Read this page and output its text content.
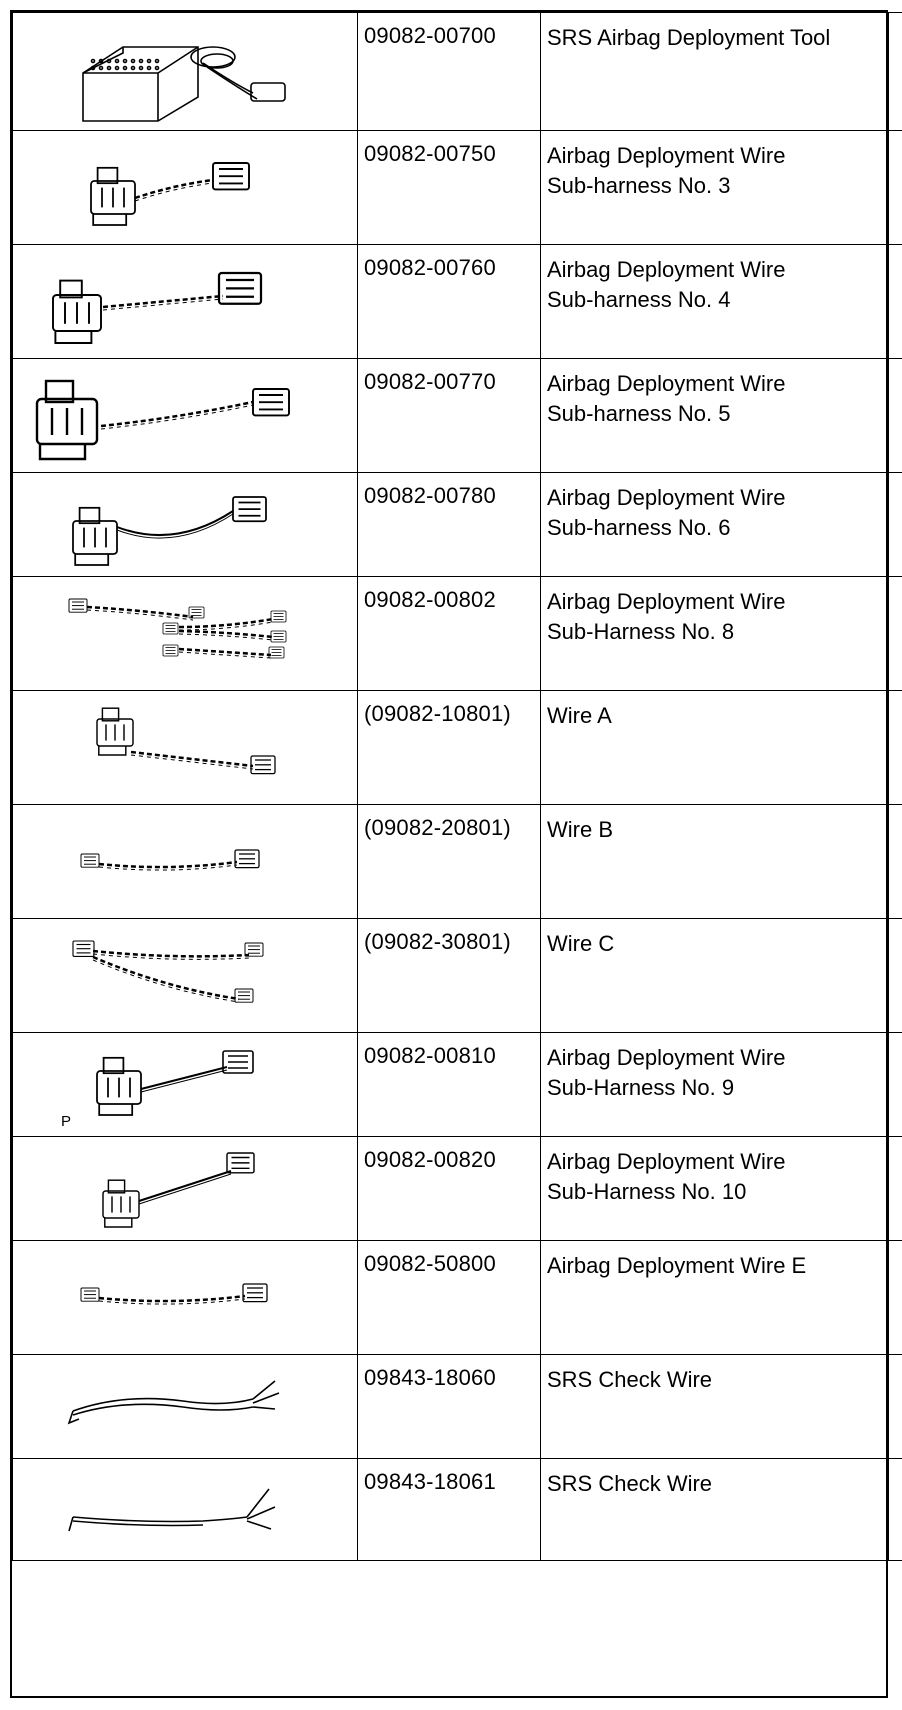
	09082-00700	SRS Airbag Deployment Tool	

	09082-00750	Airbag Deployment Wire
Sub-harness No. 3	

	09082-00760	Airbag Deployment Wire
Sub-harness No. 4	

	09082-00770	Airbag Deployment Wire
Sub-harness No. 5	

	09082-00780	Airbag Deployment Wire
Sub-harness No. 6	

	09082-00802	Airbag Deployment Wire
Sub-Harness No. 8	

	(09082-10801)	Wire A	

	(09082-20801)	Wire B	

	(09082-30801)	Wire C	

P	09082-00810	Airbag Deployment Wire
Sub-Harness No. 9	

	09082-00820	Airbag Deployment Wire
Sub-Harness No. 10	

	09082-50800	Airbag Deployment Wire E	

	09843-18060	SRS Check Wire	

	09843-18061	SRS Check Wire	
